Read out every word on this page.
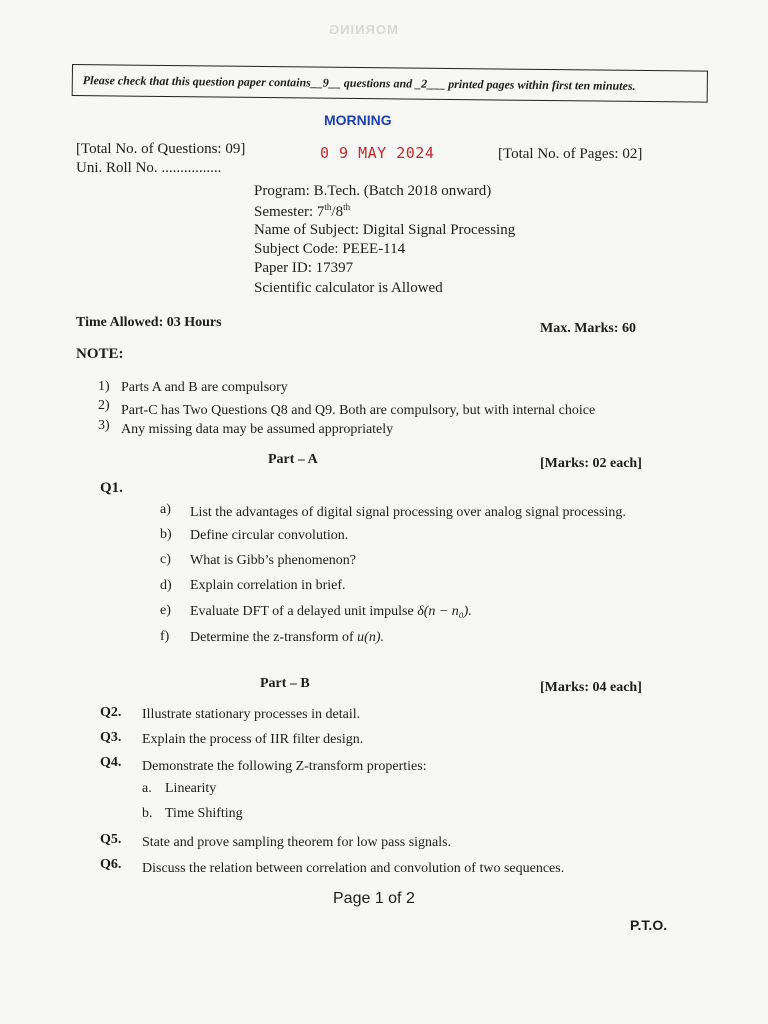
MORNING
Please check that this question paper contains__9__ questions and _2___ printed pages within first ten minutes.
MORNING
0 9 MAY 2024
[Total No. of Questions: 09]
Uni. Roll No. ................
[Total No. of Pages: 02]
Program: B.Tech. (Batch 2018 onward)
Semester: 7th/8th
Name of Subject: Digital Signal Processing
Subject Code: PEEE-114
Paper ID: 17397
Scientific calculator is Allowed
Time Allowed: 03 Hours	Max. Marks: 60
NOTE:
1) Parts A and B are compulsory
2) Part-C has Two Questions Q8 and Q9. Both are compulsory, but with internal choice
3) Any missing data may be assumed appropriately
Part – A	[Marks: 02 each]
Q1.
a) List the advantages of digital signal processing over analog signal processing.
b) Define circular convolution.
c) What is Gibb’s phenomenon?
d) Explain correlation in brief.
e) Evaluate DFT of a delayed unit impulse δ(n − n₀).
f) Determine the z-transform of u(n).
Part – B	[Marks: 04 each]
Q2. Illustrate stationary processes in detail.
Q3. Explain the process of IIR filter design.
Q4. Demonstrate the following Z-transform properties:
a. Linearity
b. Time Shifting
Q5. State and prove sampling theorem for low pass signals.
Q6. Discuss the relation between correlation and convolution of two sequences.
Page 1 of 2
P.T.O.
